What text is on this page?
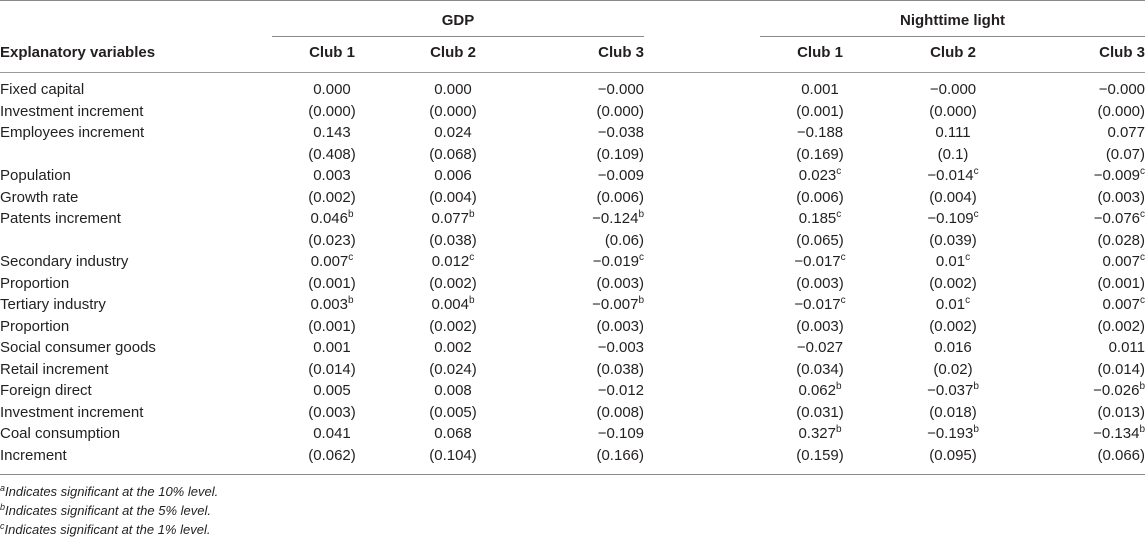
GDP	Nighttime light
Explanatory variables	Club 1	Club 2	Club 3	Club 1	Club 2	Club 3
Fixed capital	0.000	0.000	−0.000	0.001	−0.000	−0.000
Investment increment	(0.000)	(0.000)	(0.000)	(0.001)	(0.000)	(0.000)
Employees increment	0.143	0.024	−0.038	−0.188	0.111	0.077
(0.408)	(0.068)	(0.109)	(0.169)	(0.1)	(0.07)
Population	0.003	0.006	−0.009	0.023$^c$	−0.014$^c$	−0.009$^c$
Growth rate	(0.002)	(0.004)	(0.006)	(0.006)	(0.004)	(0.003)
Patents increment	0.046$^b$	0.077$^b$	−0.124$^b$	0.185$^c$	−0.109$^c$	−0.076$^c$
(0.023)	(0.038)	(0.06)	(0.065)	(0.039)	(0.028)
Secondary industry	0.007$^c$	0.012$^c$	−0.019$^c$	−0.017$^c$	0.01$^c$	0.007$^c$
Proportion	(0.001)	(0.002)	(0.003)	(0.003)	(0.002)	(0.001)
Tertiary industry	0.003$^b$	0.004$^b$	−0.007$^b$	−0.017$^c$	0.01$^c$	0.007$^c$
Proportion	(0.001)	(0.002)	(0.003)	(0.003)	(0.002)	(0.002)
Social consumer goods	0.001	0.002	−0.003	−0.027	0.016	0.011
Retail increment	(0.014)	(0.024)	(0.038)	(0.034)	(0.02)	(0.014)
Foreign direct	0.005	0.008	−0.012	0.062$^b$	−0.037$^b$	−0.026$^b$
Investment increment	(0.003)	(0.005)	(0.008)	(0.031)	(0.018)	(0.013)
Coal consumption	0.041	0.068	−0.109	0.327$^b$	−0.193$^b$	−0.134$^b$
Increment	(0.062)	(0.104)	(0.166)	(0.159)	(0.095)	(0.066)
$^a$Indicates significant at the 10% level.
$^b$Indicates significant at the 5% level.
$^c$Indicates significant at the 1% level.
